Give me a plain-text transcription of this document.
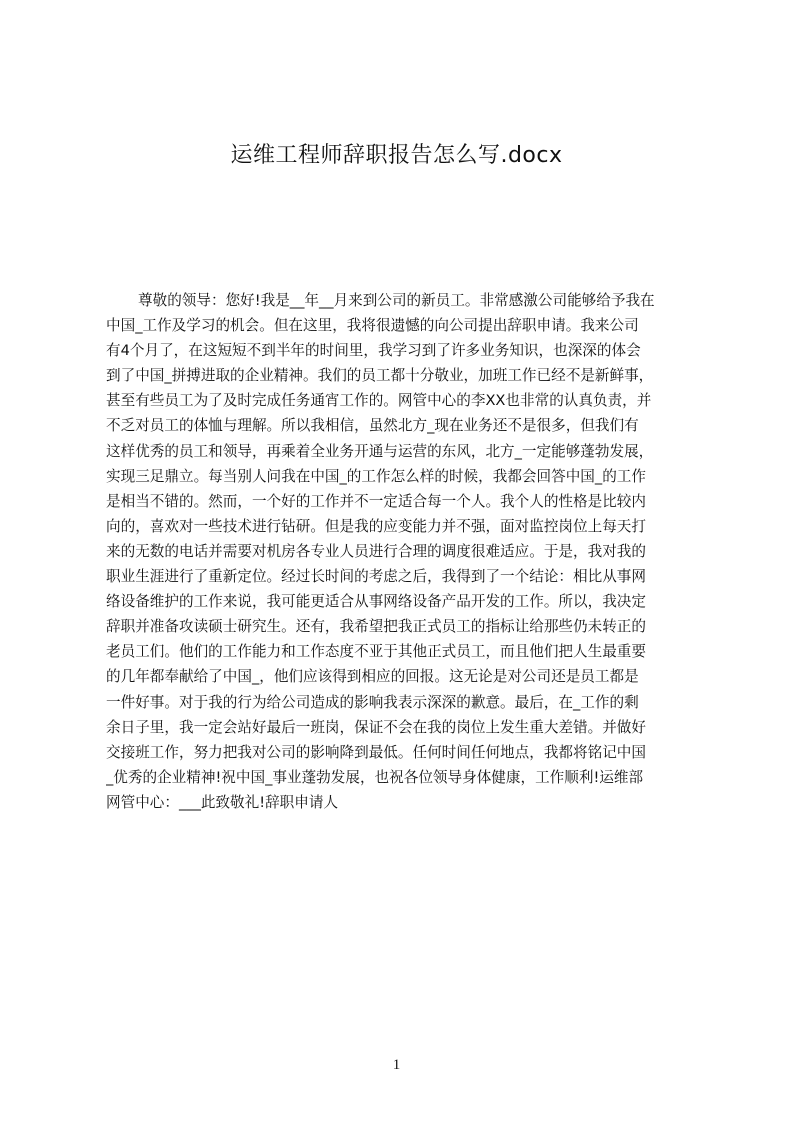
运维工程师辞职报告怎么写.docx
尊敬的领导：您好!我是__年__月来到公司的新员工。非常感激公司能够给予我在
中国_工作及学习的机会。但在这里，我将很遗憾的向公司提出辞职申请。我来公司
有4个月了，在这短短不到半年的时间里，我学习到了许多业务知识，也深深的体会
到了中国_拼搏进取的企业精神。我们的员工都十分敬业，加班工作已经不是新鲜事，
甚至有些员工为了及时完成任务通宵工作的。网管中心的李XX也非常的认真负责，并
不乏对员工的体恤与理解。所以我相信，虽然北方_现在业务还不是很多，但我们有
这样优秀的员工和领导，再乘着全业务开通与运营的东风，北方_一定能够蓬勃发展，
实现三足鼎立。每当别人问我在中国_的工作怎么样的时候，我都会回答中国_的工作
是相当不错的。然而，一个好的工作并不一定适合每一个人。我个人的性格是比较内
向的，喜欢对一些技术进行钻研。但是我的应变能力并不强，面对监控岗位上每天打
来的无数的电话并需要对机房各专业人员进行合理的调度很难适应。于是，我对我的
职业生涯进行了重新定位。经过长时间的考虑之后，我得到了一个结论：相比从事网
络设备维护的工作来说，我可能更适合从事网络设备产品开发的工作。所以，我决定
辞职并准备攻读硕士研究生。还有，我希望把我正式员工的指标让给那些仍未转正的
老员工们。他们的工作能力和工作态度不亚于其他正式员工，而且他们把人生最重要
的几年都奉献给了中国_，他们应该得到相应的回报。这无论是对公司还是员工都是
一件好事。对于我的行为给公司造成的影响我表示深深的歉意。最后，在_工作的剩
余日子里，我一定会站好最后一班岗，保证不会在我的岗位上发生重大差错。并做好
交接班工作，努力把我对公司的影响降到最低。任何时间任何地点，我都将铭记中国
_优秀的企业精神!祝中国_事业蓬勃发展，也祝各位领导身体健康，工作顺利!运维部
网管中心：___此致敬礼!辞职申请人
1
